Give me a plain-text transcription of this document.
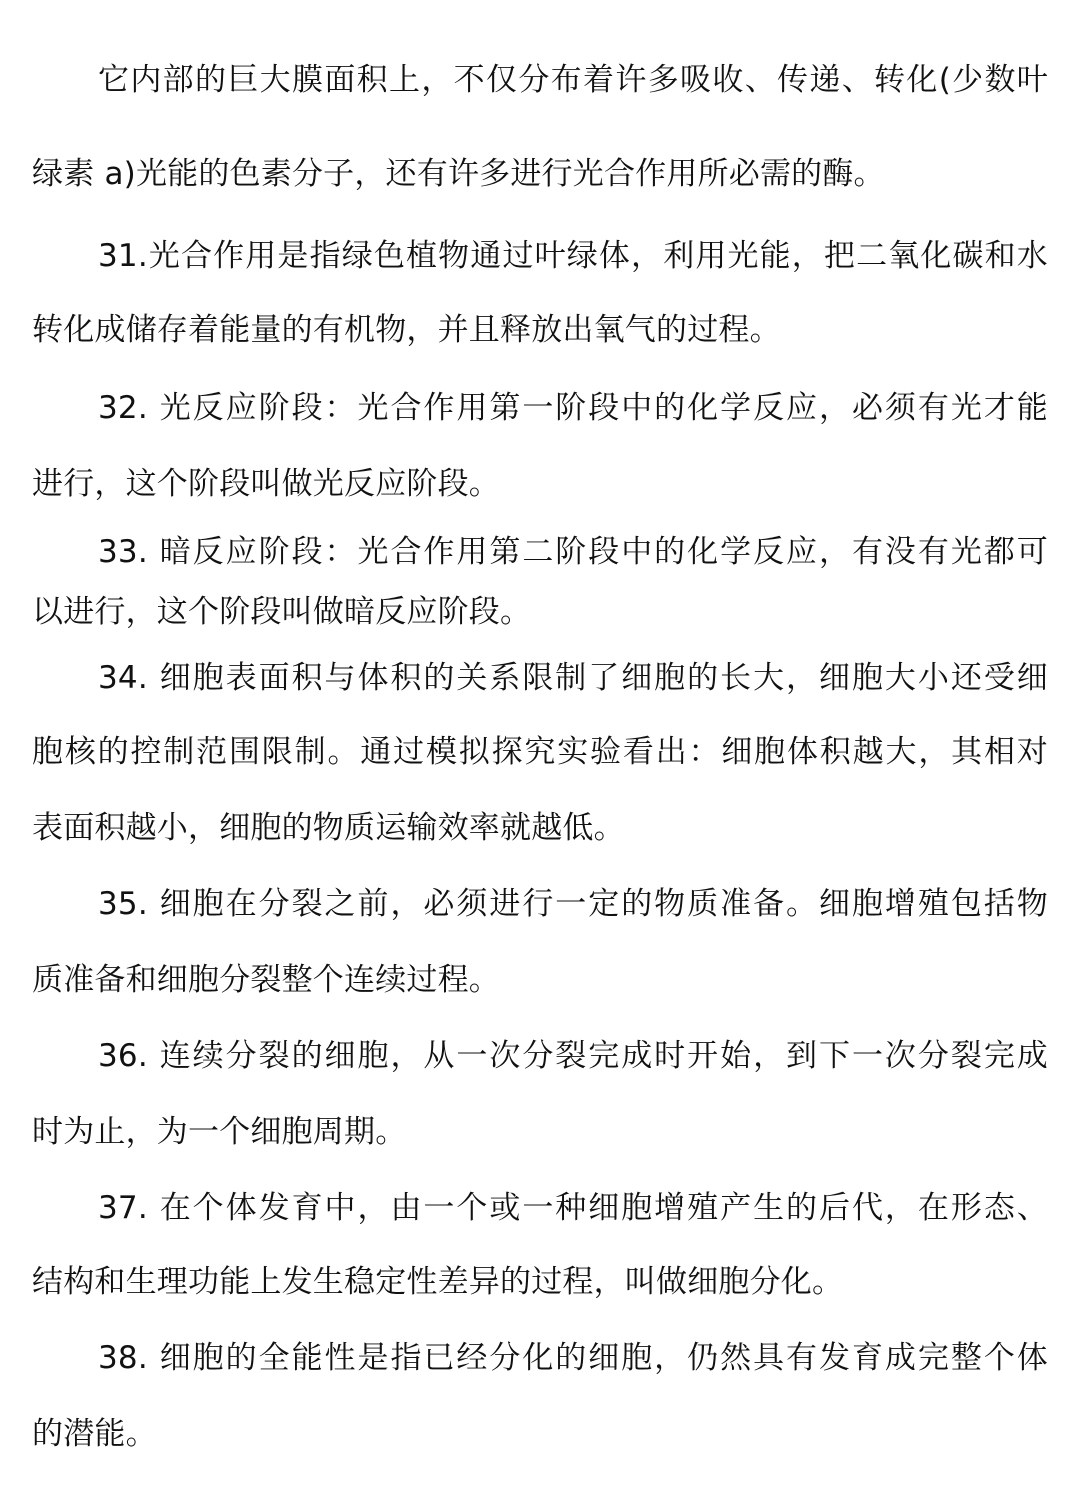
它内部的巨大膜面积上，不仅分布着许多吸收、传递、转化(少数叶
绿素 a)光能的色素分子，还有许多进行光合作用所必需的酶。
31.光合作用是指绿色植物通过叶绿体，利用光能，把二氧化碳和水
转化成储存着能量的有机物，并且释放出氧气的过程。
32. 光反应阶段：光合作用第一阶段中的化学反应，必须有光才能
进行，这个阶段叫做光反应阶段。
33. 暗反应阶段：光合作用第二阶段中的化学反应，有没有光都可
以进行，这个阶段叫做暗反应阶段。
34. 细胞表面积与体积的关系限制了细胞的长大，细胞大小还受细
胞核的控制范围限制。通过模拟探究实验看出：细胞体积越大，其相对
表面积越小，细胞的物质运输效率就越低。
35. 细胞在分裂之前，必须进行一定的物质准备。细胞增殖包括物
质准备和细胞分裂整个连续过程。
36. 连续分裂的细胞，从一次分裂完成时开始，到下一次分裂完成
时为止，为一个细胞周期。
37. 在个体发育中，由一个或一种细胞增殖产生的后代，在形态、
结构和生理功能上发生稳定性差异的过程，叫做细胞分化。
38. 细胞的全能性是指已经分化的细胞，仍然具有发育成完整个体
的潜能。
